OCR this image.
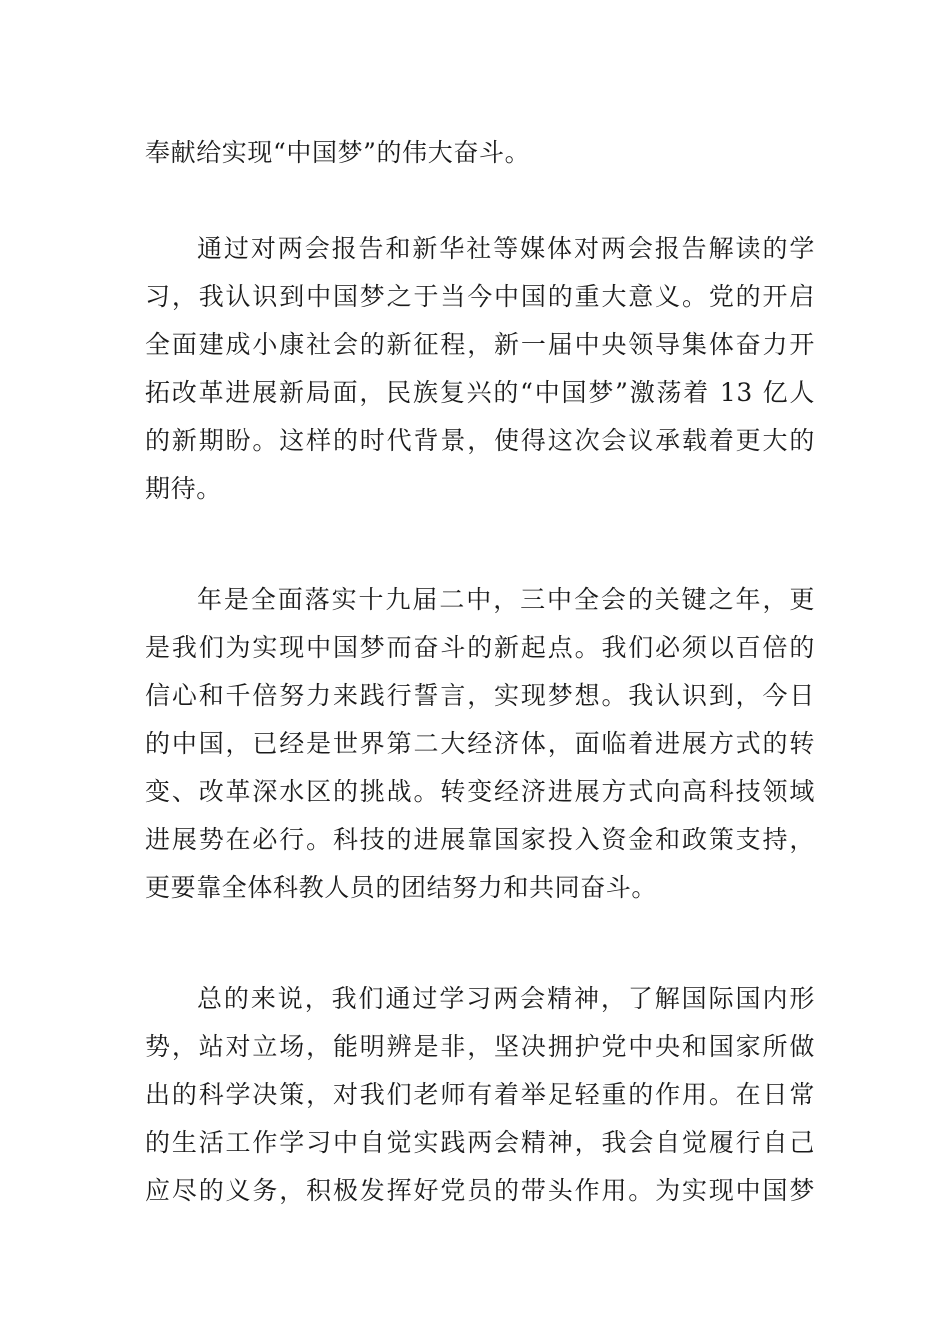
奉献给实现“中国梦”的伟大奋斗。
通过对两会报告和新华社等媒体对两会报告解读的学
习，我认识到中国梦之于当今中国的重大意义。党的开启
全面建成小康社会的新征程，新一届中央领导集体奋力开
拓改革进展新局面，民族复兴的“中国梦”激荡着 13 亿人
的新期盼。这样的时代背景，使得这次会议承载着更大的
期待。
年是全面落实十九届二中，三中全会的关键之年，更
是我们为实现中国梦而奋斗的新起点。我们必须以百倍的
信心和千倍努力来践行誓言，实现梦想。我认识到，今日
的中国，已经是世界第二大经济体，面临着进展方式的转
变、改革深水区的挑战。转变经济进展方式向高科技领域
进展势在必行。科技的进展靠国家投入资金和政策支持，
更要靠全体科教人员的团结努力和共同奋斗。
总的来说，我们通过学习两会精神，了解国际国内形
势，站对立场，能明辨是非，坚决拥护党中央和国家所做
出的科学决策，对我们老师有着举足轻重的作用。在日常
的生活工作学习中自觉实践两会精神，我会自觉履行自己
应尽的义务，积极发挥好党员的带头作用。为实现中国梦
